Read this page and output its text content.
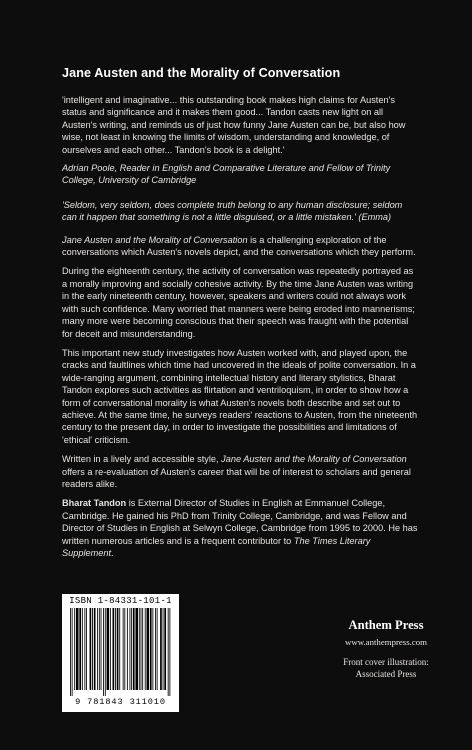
Jane Austen and the Morality of Conversation

'intelligent and imaginative... this outstanding book makes high claims for Austen's status and significance and it makes them good... Tandon casts new light on all Austen's writing, and reminds us of just how funny Jane Austen can be, but also how wise, not least in knowing the limits of wisdom, understanding and knowledge, of ourselves and each other... Tandon's book is a delight.'

Adrian Poole, Reader in English and Comparative Literature and Fellow of Trinity College, University of Cambridge

'Seldom, very seldom, does complete truth belong to any human disclosure; seldom can it happen that something is not a little disguised, or a little mistaken.' (Emma)

Jane Austen and the Morality of Conversation is a challenging exploration of the conversations which Austen's novels depict, and the conversations which they perform.

During the eighteenth century, the activity of conversation was repeatedly portrayed as a morally improving and socially cohesive activity. By the time Jane Austen was writing in the early nineteenth century, however, speakers and writers could not always work with such confidence. Many worried that manners were being eroded into mannerisms; many more were becoming conscious that their speech was fraught with the potential for deceit and misunderstanding.

This important new study investigates how Austen worked with, and played upon, the cracks and faultlines which time had uncovered in the ideals of polite conversation. In a wide-ranging argument, combining intellectual history and literary stylistics, Bharat Tandon explores such activities as flirtation and ventriloquism, in order to show how a form of conversational morality is what Austen's novels both describe and set out to achieve. At the same time, he surveys readers' reactions to Austen, from the nineteenth century to the present day, in order to investigate the possibilities and limitations of 'ethical' criticism.

Written in a lively and accessible style, Jane Austen and the Morality of Conversation offers a re-evaluation of Austen's career that will be of interest to scholars and general readers alike.

Bharat Tandon is External Director of Studies in English at Emmanuel College, Cambridge. He gained his PhD from Trinity College, Cambridge, and was Fellow and Director of Studies in English at Selwyn College, Cambridge from 1995 to 2000. He has written numerous articles and is a frequent contributor to The Times Literary Supplement.

ISBN 1-84331-101-1
9 781843 311010
Anthem Press
www.anthempress.com
Front cover illustration:
Associated Press
